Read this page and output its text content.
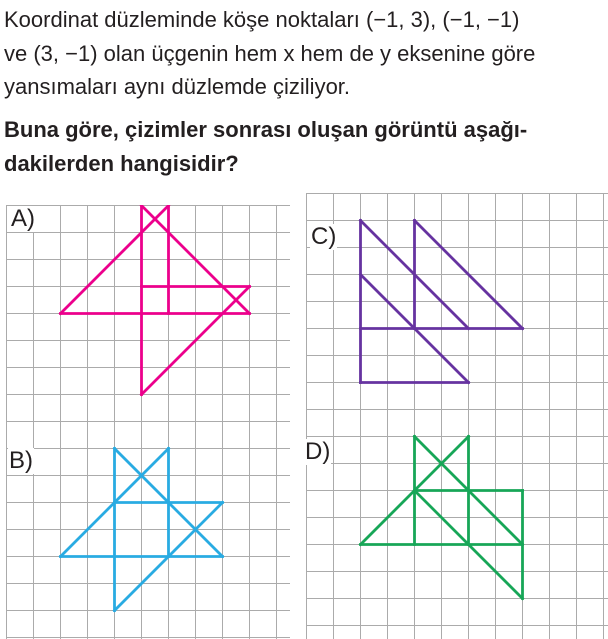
Koordinat düzleminde köşe noktaları (−1, 3), (−1, −1)
ve (3, −1) olan üçgenin hem x hem de y eksenine göre
yansımaları aynı düzlemde çiziliyor.
Buna göre, çizimler sonrası oluşan görüntü aşağı-
dakilerden hangisidir?
A)
B)
C)
D)
